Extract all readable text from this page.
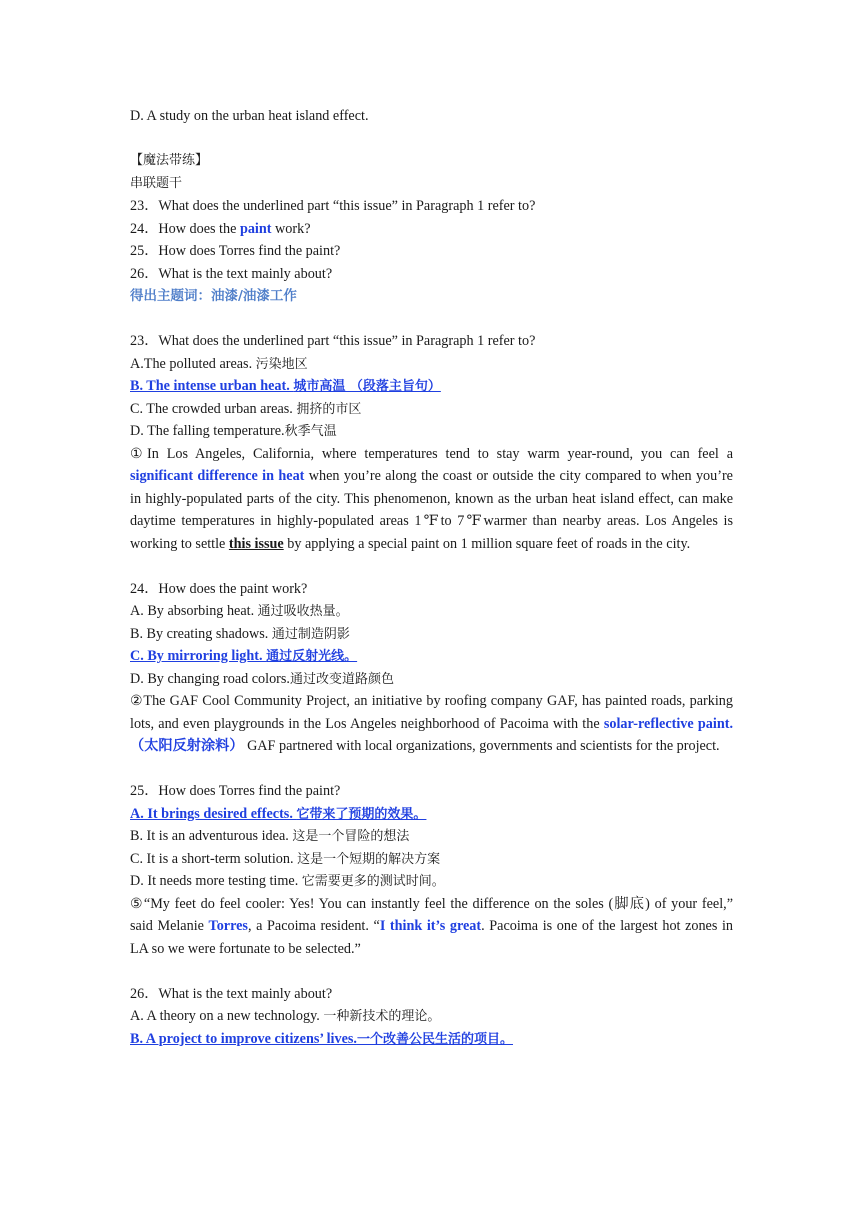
D. A study on the urban heat island effect.
【魔法带练】
串联题干
23．What does the underlined part “this issue” in Paragraph 1 refer to?
24．How does the paint work?
25．How does Torres find the paint?
26．What is the text mainly about?
得出主题词：油漆/油漆工作
23．What does the underlined part “this issue” in Paragraph 1 refer to?
A.The polluted areas. 污染地区
B. The intense urban heat. 城市高温 （段落主旨句）
C. The crowded urban areas. 拥挤的市区
D. The falling temperature.秋季气温
①In Los Angeles, California, where temperatures tend to stay warm year-round, you can feel a significant difference in heat when you’re along the coast or outside the city compared to when you’re in highly-populated parts of the city. This phenomenon, known as the urban heat island effect, can make daytime temperatures in highly-populated areas 1℉to 7℉warmer than nearby areas. Los Angeles is working to settle this issue by applying a special paint on 1 million square feet of roads in the city.
24．How does the paint work?
A. By absorbing heat. 通过吸收热量。
B. By creating shadows. 通过制造阴影
C. By mirroring light. 通过反射光线。
D. By changing road colors.通过改变道路颜色
②The GAF Cool Community Project, an initiative by roofing company GAF, has painted roads, parking lots, and even playgrounds in the Los Angeles neighborhood of Pacoima with the solar-reflective paint.（太阳反射涂料） GAF partnered with local organizations, governments and scientists for the project.
25．How does Torres find the paint?
A. It brings desired effects. 它带来了预期的效果。
B. It is an adventurous idea. 这是一个冒险的想法
C. It is a short-term solution. 这是一个短期的解决方案
D. It needs more testing time. 它需要更多的测试时间。
⑤“My feet do feel cooler: Yes! You can instantly feel the difference on the soles (脚底) of your feel,” said Melanie Torres, a Pacoima resident. “I think it’s great. Pacoima is one of the largest hot zones in LA so we were fortunate to be selected.”
26．What is the text mainly about?
A. A theory on a new technology. 一种新技术的理论。
B. A project to improve citizens’ lives.一个改善公民生活的项目。
